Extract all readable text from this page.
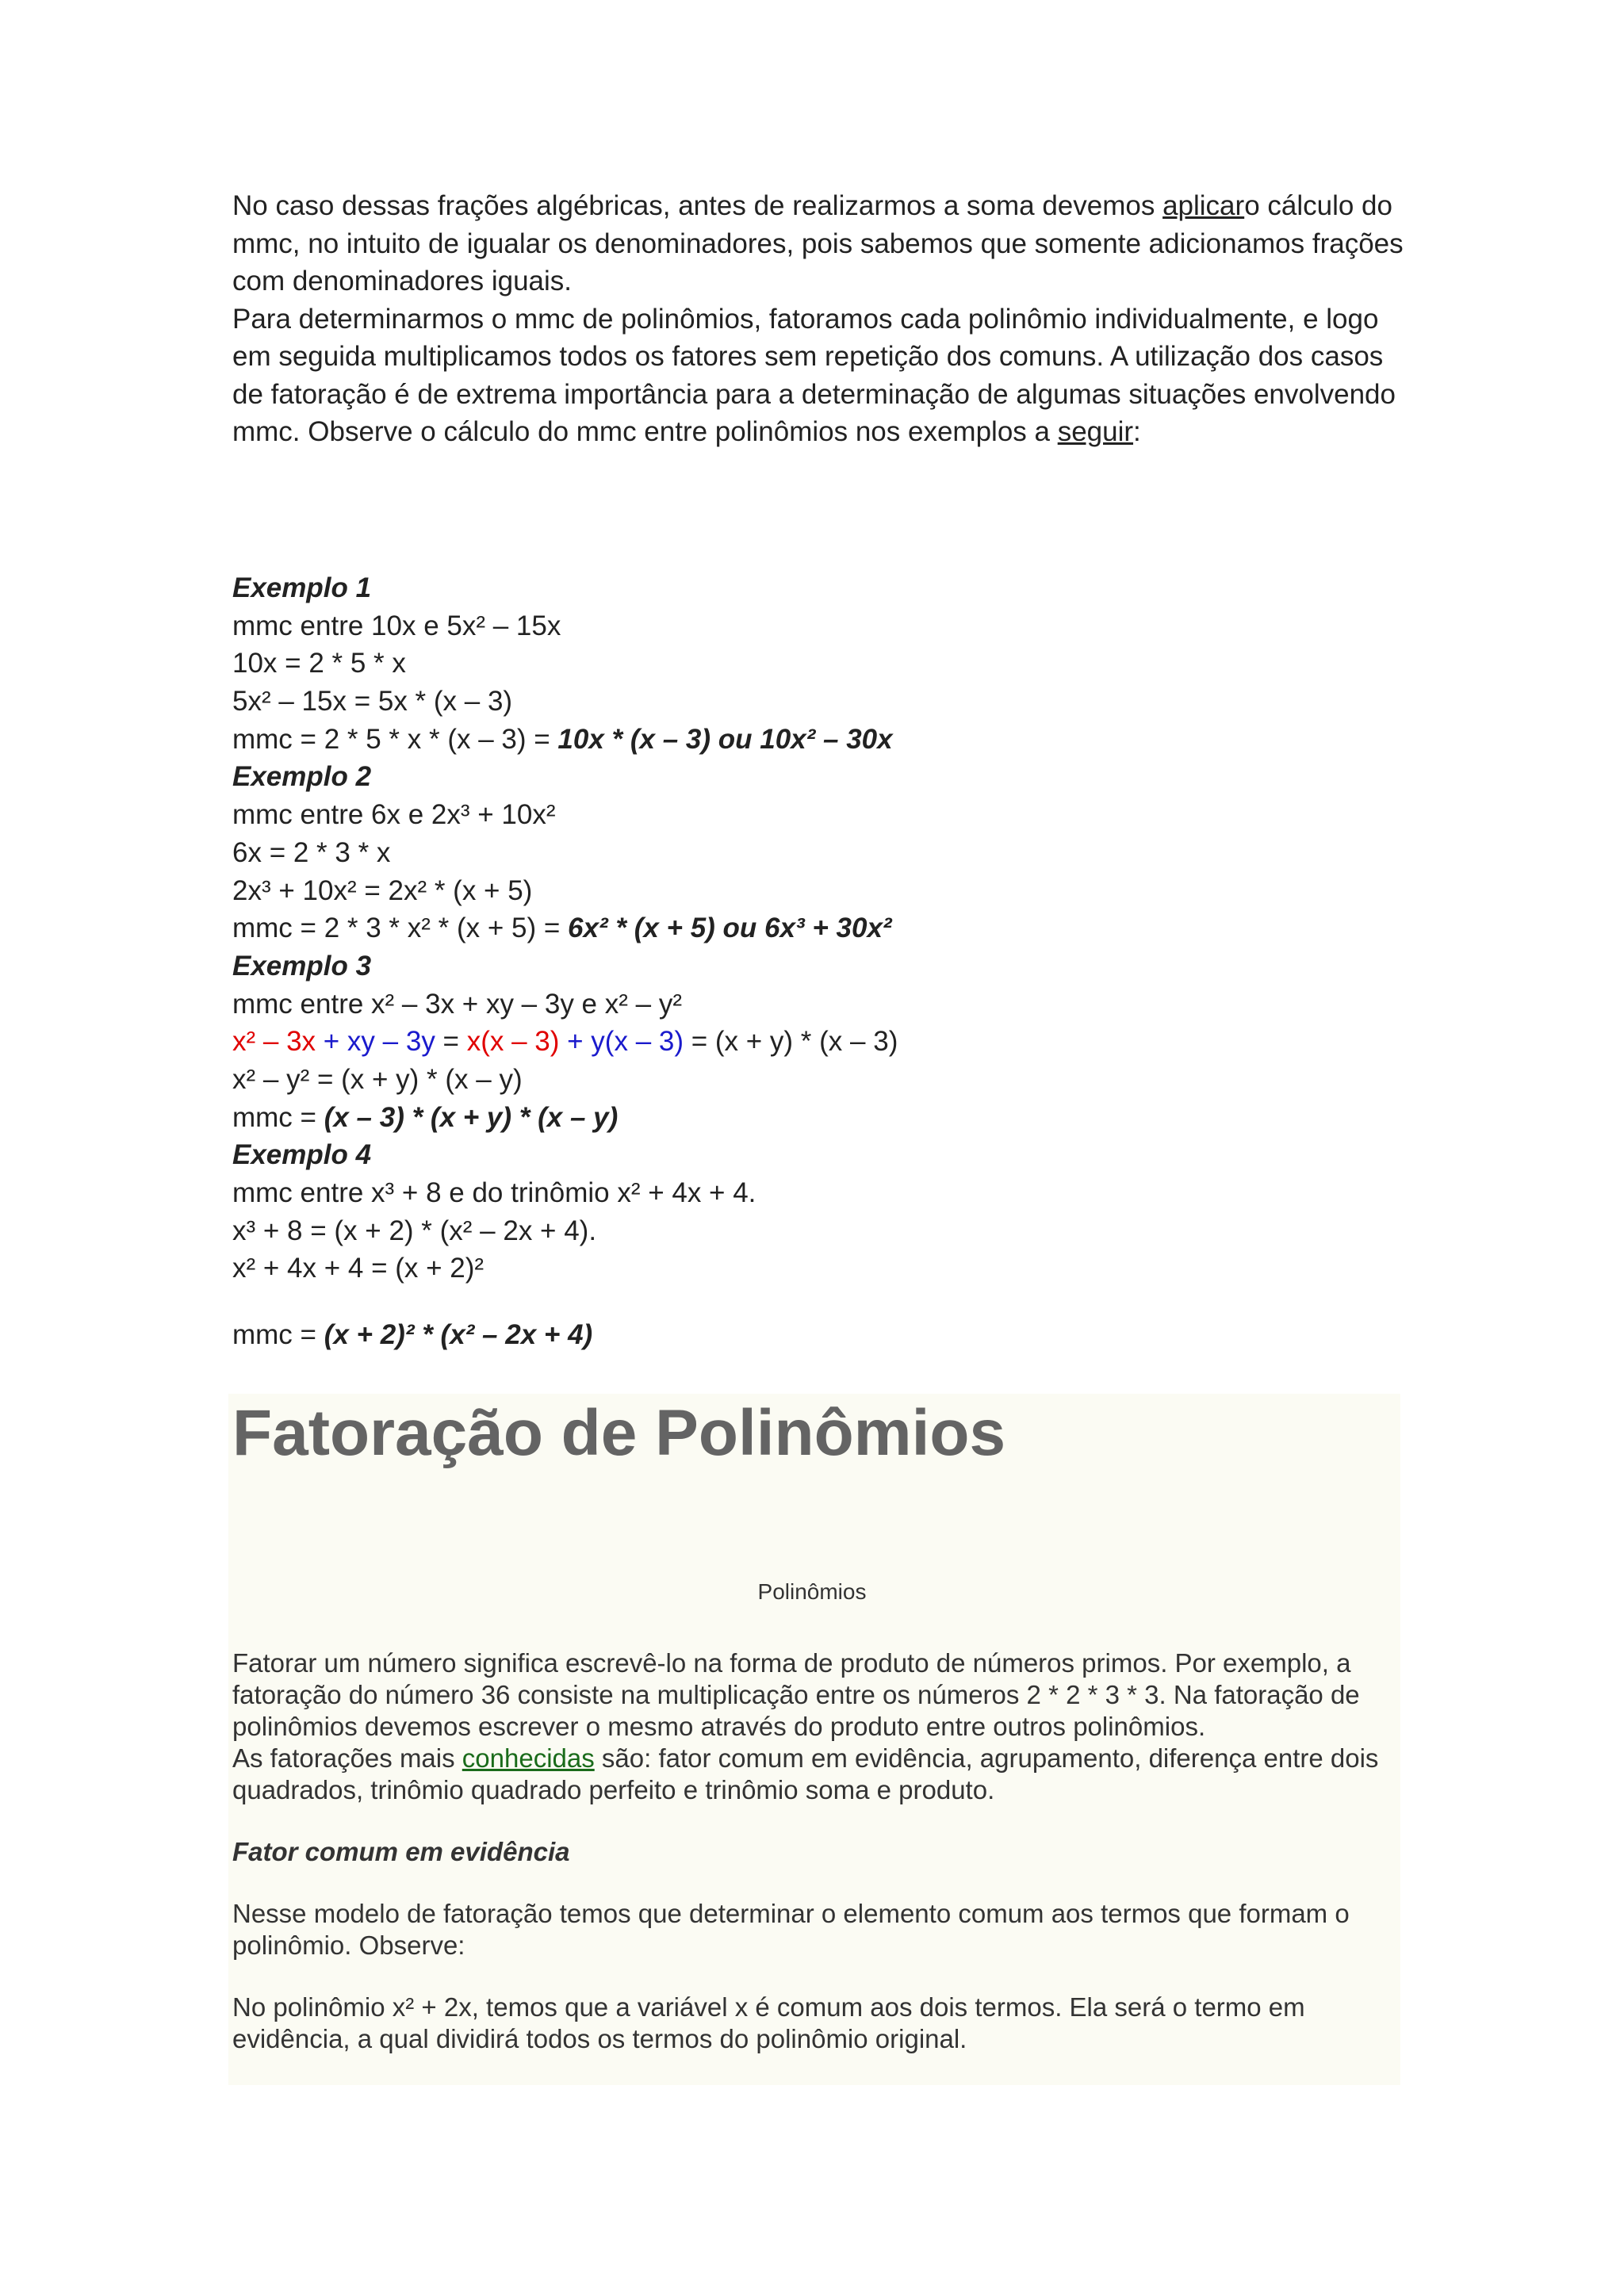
No caso dessas frações algébricas, antes de realizarmos a soma devemos aplicaro cálculo do mmc, no intuito de igualar os denominadores, pois sabemos que somente adicionamos frações com denominadores iguais.

Para determinarmos o mmc de polinômios, fatoramos cada polinômio individualmente, e logo em seguida multiplicamos todos os fatores sem repetição dos comuns. A utilização dos casos de fatoração é de extrema importância para a determinação de algumas situações envolvendo mmc. Observe o cálculo do mmc entre polinômios nos exemplos a seguir:

Exemplo 1
mmc entre 10x e 5x² – 15x
10x = 2 * 5 * x
5x² – 15x = 5x * (x – 3)
mmc = 2 * 5 * x * (x – 3) = 10x * (x – 3) ou 10x² – 30x
Exemplo 2
mmc entre 6x e 2x³ + 10x²
6x = 2 * 3 * x
2x³ + 10x² = 2x² * (x + 5)
mmc = 2 * 3 * x² * (x + 5) = 6x² * (x + 5) ou 6x³ + 30x²
Exemplo 3
mmc entre x² – 3x + xy – 3y e x² – y²
x² – 3x + xy – 3y = x(x – 3) + y(x – 3) = (x + y) * (x – 3)
x² – y² = (x + y) * (x – y)
mmc = (x – 3) * (x + y) * (x – y)
Exemplo 4
mmc entre x³ + 8 e do trinômio x² + 4x + 4.
x³ + 8 = (x + 2) * (x² – 2x + 4).
x² + 4x + 4 = (x + 2)²
mmc = (x + 2)² * (x² – 2x + 4)
Fatoração de Polinômios
Polinômios

Fatorar um número significa escrevê-lo na forma de produto de números primos. Por exemplo, a fatoração do número 36 consiste na multiplicação entre os números 2 * 2 * 3 * 3. Na fatoração de polinômios devemos escrever o mesmo através do produto entre outros polinômios.

As fatorações mais conhecidas são: fator comum em evidência, agrupamento, diferença entre dois quadrados, trinômio quadrado perfeito e trinômio soma e produto.

Fator comum em evidência

Nesse modelo de fatoração temos que determinar o elemento comum aos termos que formam o polinômio. Observe:

No polinômio x² + 2x, temos que a variável x é comum aos dois termos. Ela será o termo em evidência, a qual dividirá todos os termos do polinômio original.
